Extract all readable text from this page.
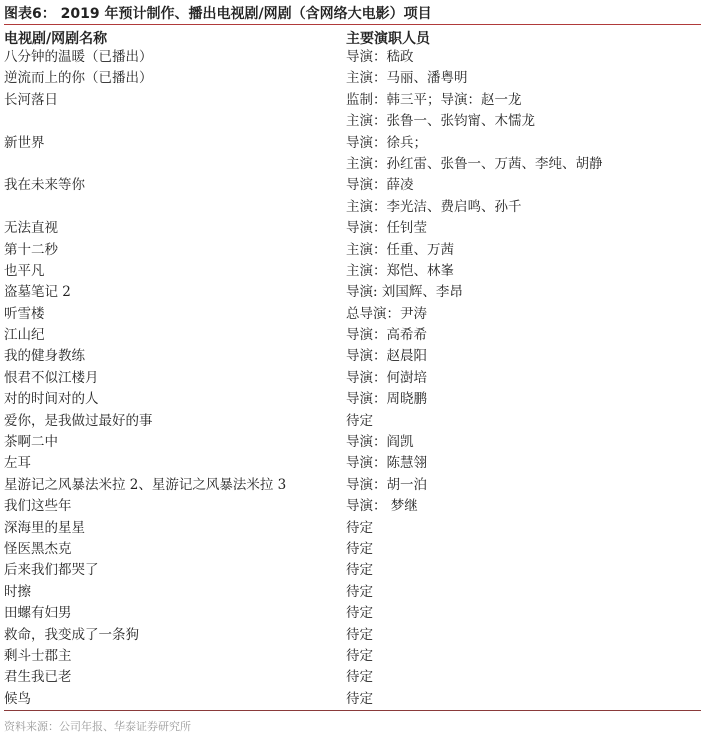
图表6： 2019 年预计制作、播出电视剧/网剧（含网络大电影）项目
电视剧/网剧名称	主要演职人员
八分钟的温暖（已播出）	导演：嵇政
逆流而上的你（已播出）	主演：马丽、潘粤明
长河落日	监制：韩三平；导演：赵一龙
主演：张鲁一、张钧甯、木懦龙
新世界	导演：徐兵；
主演：孙红雷、张鲁一、万茜、李纯、胡静
我在未来等你	导演：薛凌
主演：李光洁、费启鸣、孙千
无法直视	导演：任钊莹
第十二秒	主演：任重、万茜
也平凡	主演：郑恺、林峯
盗墓笔记 2	导演: 刘国辉、李昂
听雪楼	总导演：尹涛
江山纪	导演：高希希
我的健身教练	导演：赵晨阳
恨君不似江楼月	导演：何澍培
对的时间对的人	导演：周晓鹏
爱你，是我做过最好的事	待定
茶啊二中	导演：阎凯
左耳	导演：陈慧翎
星游记之风暴法米拉 2、星游记之风暴法米拉 3	导演：胡一泊
我们这些年	导演： 梦继
深海里的星星	待定
怪医黑杰克	待定
后来我们都哭了	待定
时擦	待定
田螺有妇男	待定
救命，我变成了一条狗	待定
剩斗士郡主	待定
君生我已老	待定
候鸟	待定
资料来源：公司年报、华泰证券研究所
